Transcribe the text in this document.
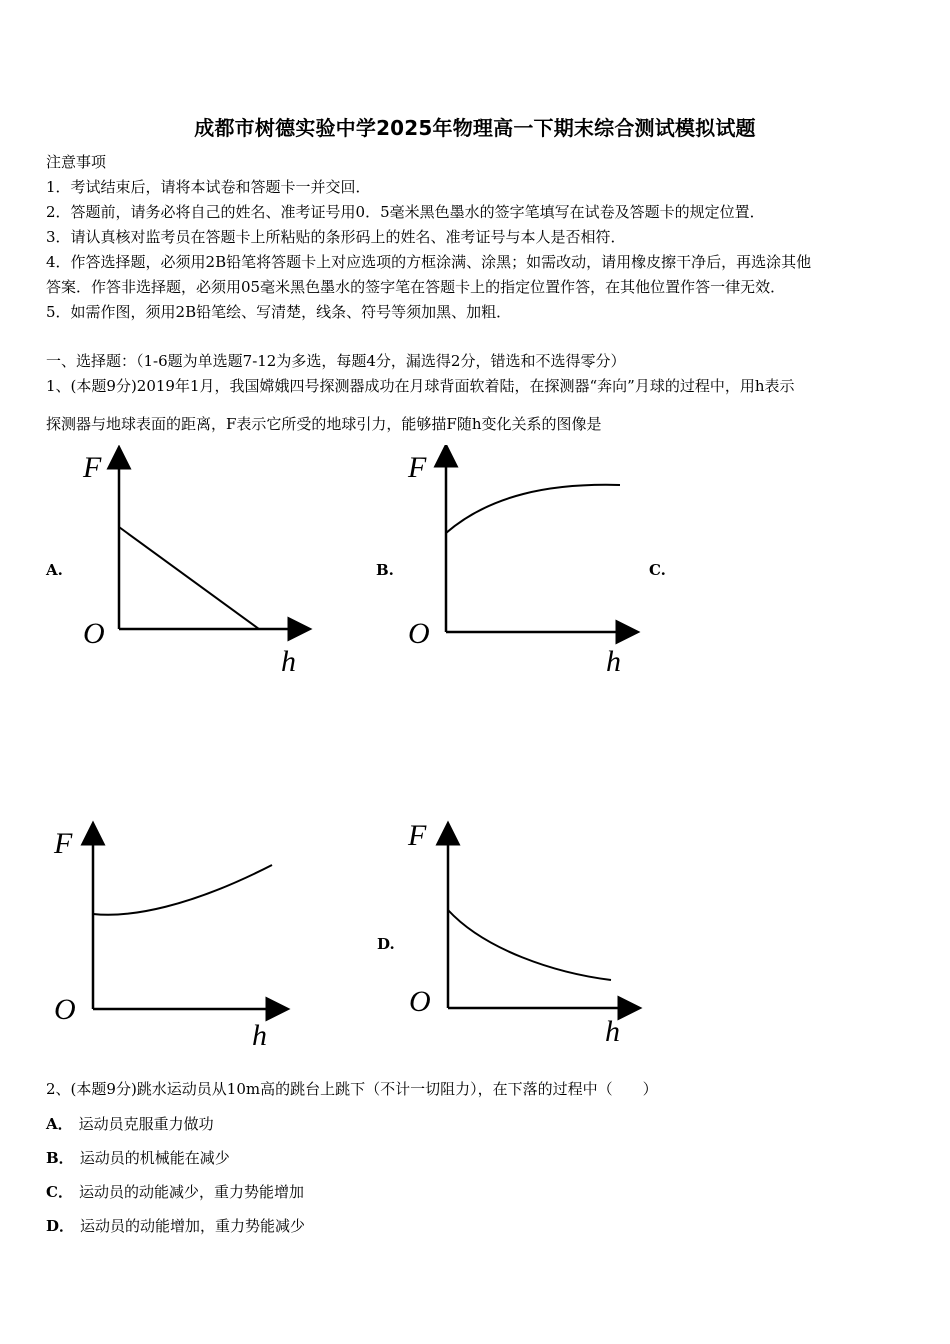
成都市树德实验中学2025年物理高一下期末综合测试模拟试题
注意事项
1．考试结束后，请将本试卷和答题卡一并交回．
2．答题前，请务必将自己的姓名、准考证号用0．5毫米黑色墨水的签字笔填写在试卷及答题卡的规定位置．
3．请认真核对监考员在答题卡上所粘贴的条形码上的姓名、准考证号与本人是否相符．
4．作答选择题，必须用2B铅笔将答题卡上对应选项的方框涂满、涂黑；如需改动，请用橡皮擦干净后，再选涂其他
答案．作答非选择题，必须用05毫米黑色墨水的签字笔在答题卡上的指定位置作答，在其他位置作答一律无效．
5．如需作图，须用2B铅笔绘、写清楚，线条、符号等须加黑、加粗．
一、选择题：（1-6题为单选题7-12为多选，每题4分，漏选得2分，错选和不选得零分）
1、(本题9分)2019年1月，我国嫦娥四号探测器成功在月球背面软着陆，在探测器“奔向”月球的过程中，用h表示
探测器与地球表面的距离，F表示它所受的地球引力，能够描F随h变化关系的图像是
A.
F
O
h
B.
F
O
h
C.
F
O
h
D.
F
O
h
2、(本题9分)跳水运动员从10m高的跳台上跳下（不计一切阻力），在下落的过程中（　　）
A． 运动员克服重力做功
B． 运动员的机械能在减少
C． 运动员的动能减少，重力势能增加
D． 运动员的动能增加，重力势能减少
